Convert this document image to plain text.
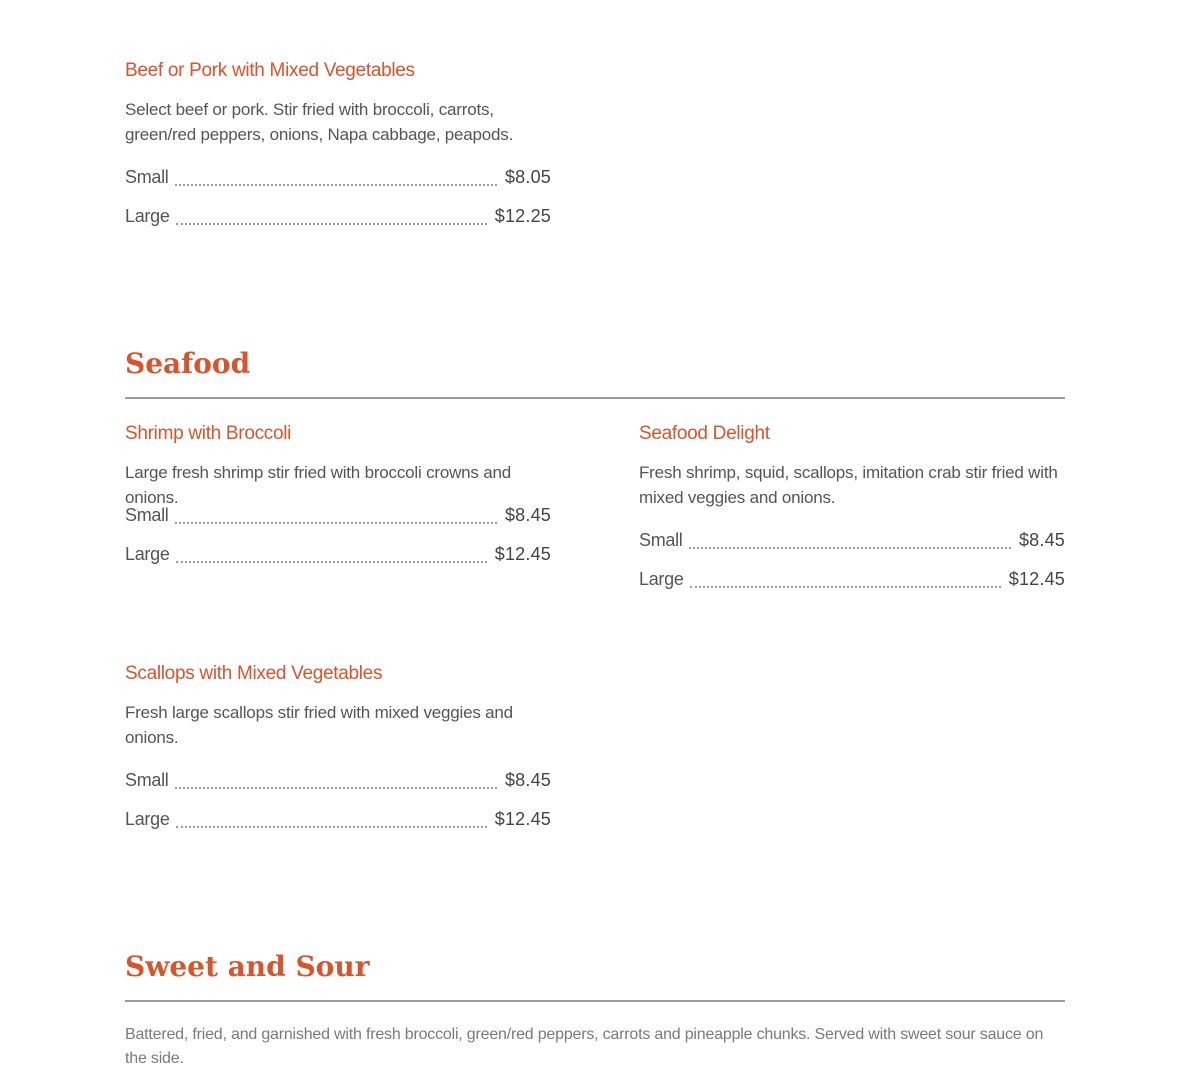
Beef or Pork with Mixed Vegetables
Select beef or pork. Stir fried with broccoli, carrots, green/red peppers, onions, Napa cabbage, peapods.
Small	$8.05
Large	$12.25
Seafood
Shrimp with Broccoli
Large fresh shrimp stir fried with broccoli crowns and onions.
Small	$8.45
Large	$12.45
Seafood Delight
Fresh shrimp, squid, scallops, imitation crab stir fried with mixed veggies and onions.
Small	$8.45
Large	$12.45
Scallops with Mixed Vegetables
Fresh large scallops stir fried with mixed veggies and onions.
Small	$8.45
Large	$12.45
Sweet and Sour
Battered, fried, and garnished with fresh broccoli, green/red peppers, carrots and pineapple chunks. Served with sweet sour sauce on the side.
